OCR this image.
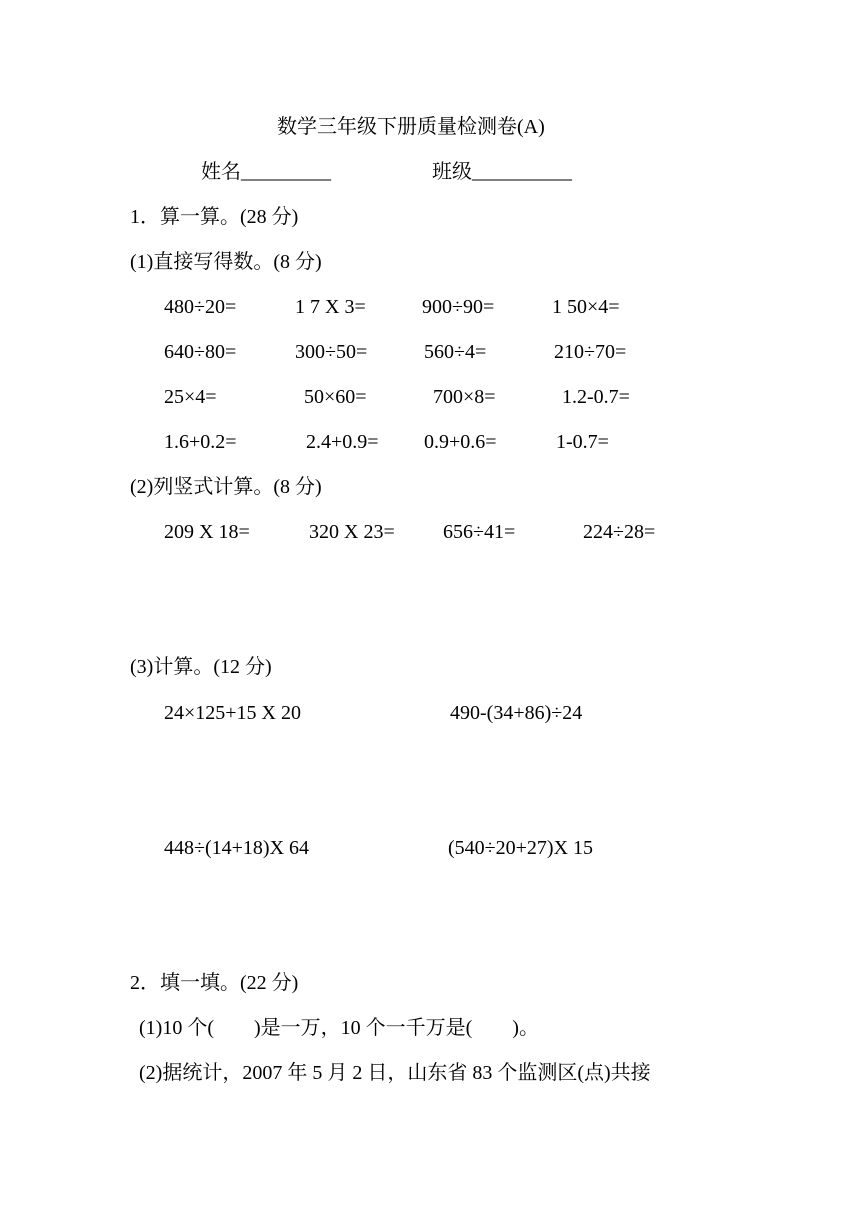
数学三年级下册质量检测卷(A)
姓名_________	班级__________
1．算一算。(28 分)
(1)直接写得数。(8 分)
480÷20=	1 7 X 3=	900÷90=	1 50×4=
640÷80=	300÷50=	560÷4=	210÷70=
25×4=	50×60=	700×8=	1.2-0.7=
1.6+0.2=	2.4+0.9= 0.9+0.6=	1-0.7=
(2)列竖式计算。(8 分)
209 X 18=	320 X 23= 656÷41=	224÷28=
(3)计算。(12 分)
24×125+15 X 20	490-(34+86)÷24
448÷(14+18)X 64	(540÷20+27)X 15
2．填一填。(22 分)
(1)10 个(　　)是一万，10 个一千万是(　　)。
(2)据统计，2007 年 5 月 2 日，山东省 83 个监测区(点)共接
